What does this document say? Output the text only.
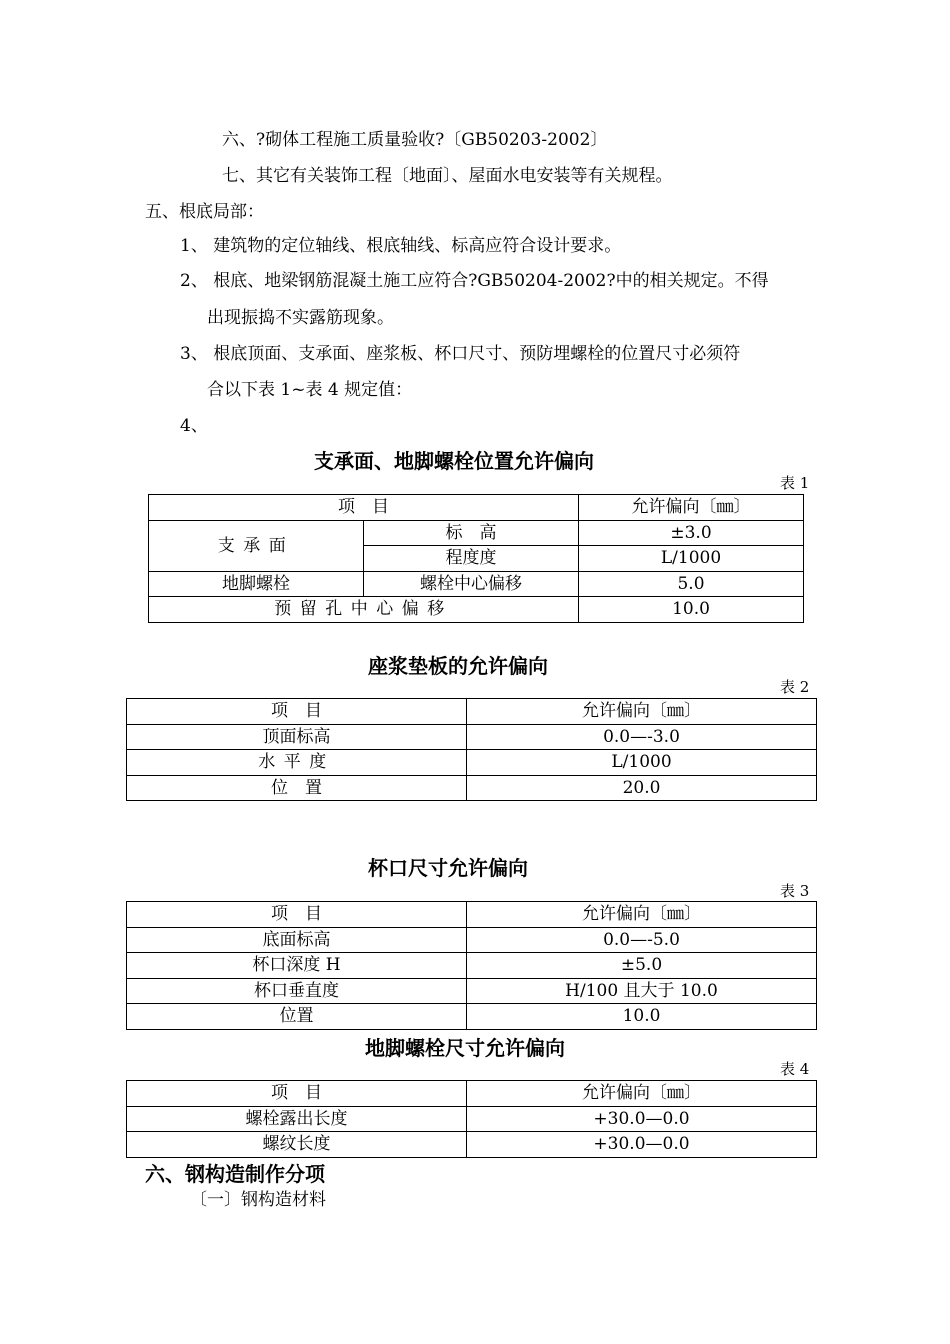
六、?砌体工程施工质量验收?〔GB50203-2002〕
七、其它有关装饰工程〔地面〕、屋面水电安装等有关规程。
五、根底局部：
1、 建筑物的定位轴线、根底轴线、标高应符合设计要求。
2、 根底、地梁钢筋混凝土施工应符合?GB50204-2002?中的相关规定。不得
出现振捣不实露筋现象。
3、 根底顶面、支承面、座浆板、杯口尺寸、预防埋螺栓的位置尺寸必须符
合以下表 1~表 4 规定值：
4、
支承面、地脚螺栓位置允许偏向
表 1
项　目		允许偏向〔㎜〕
支承面	标　高	±3.0
	程度度	L/1000
地脚螺栓	螺栓中心偏移	5.0
预留孔中心偏移		10.0
座浆垫板的允许偏向
表 2
项　目	允许偏向〔㎜〕
顶面标高	0.0—-3.0
水平度	L/1000
位　置	20.0
杯口尺寸允许偏向
表 3
项　目	允许偏向〔㎜〕
底面标高	0.0—-5.0
杯口深度 H	±5.0
杯口垂直度	H/100 且大于 10.0
位置	10.0
地脚螺栓尺寸允许偏向
表 4
项　目	允许偏向〔㎜〕
螺栓露出长度	+30.0—0.0
螺纹长度	+30.0—0.0
六、钢构造制作分项
〔一〕钢构造材料
